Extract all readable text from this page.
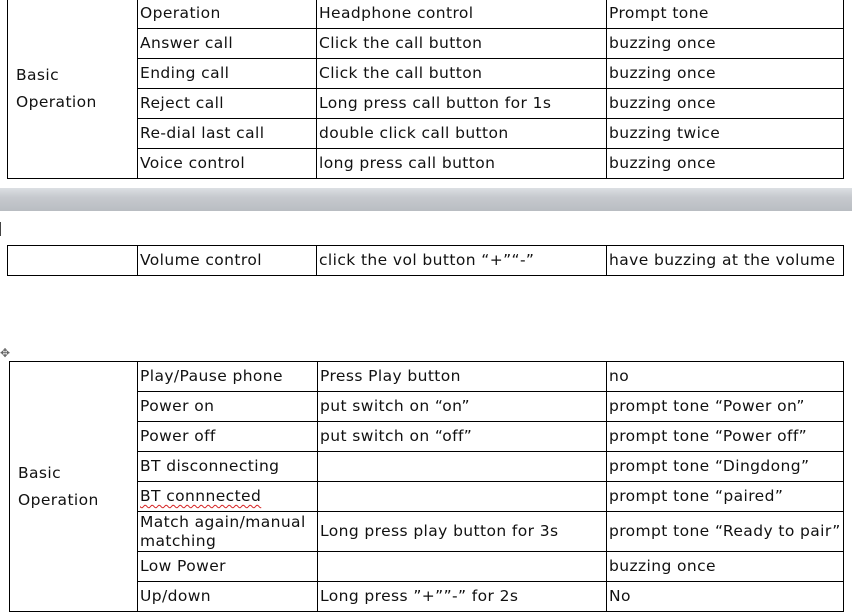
Basic Operation	Operation	Headphone control	Prompt tone
	Answer call	Click the call button	buzzing once
	Ending call	Click the call button	buzzing once
	Reject call	Long press call button for 1s	buzzing once
	Re-dial last call	double click call button	buzzing twice
	Voice control	long press call button	buzzing once
	Volume control	click the vol button “+”“-”	have buzzing at the volume
✥
Basic Operation	Play/Pause phone	Press Play button	no
	Power on	put switch on “on”	prompt tone “Power on”
	Power off	put switch on “off”	prompt tone “Power off”
	BT disconnecting		prompt tone “Dingdong”
	BT connnected		prompt tone “paired”
	Match again/manual matching	Long press play button for 3s	prompt tone “Ready to pair”
	Low Power		buzzing once
	Up/down	Long press ”+””-” for 2s	No
